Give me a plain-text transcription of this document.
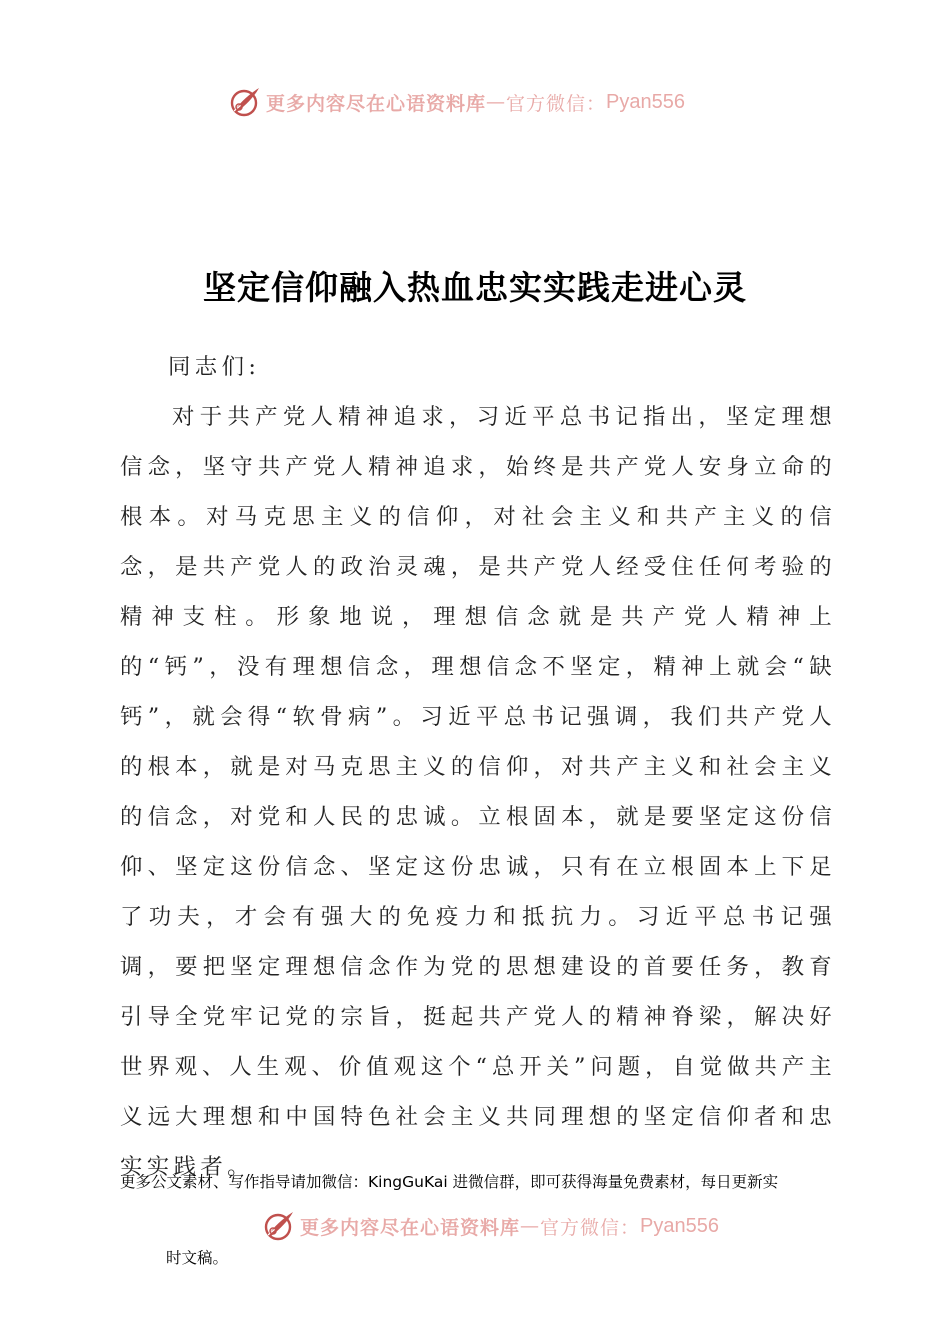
更多内容尽在心语资料库 — 官方微信： Pyan556
坚定信仰融入热血忠实实践走进心灵

同志们:

对于共产党人精神追求，习近平总书记指出，坚定理想信念，坚守共产党人精神追求，始终是共产党人安身立命的根本。对马克思主义的信仰，对社会主义和共产主义的信念，是共产党人的政治灵魂，是共产党人经受住任何考验的精神支柱。形象地说，理想信念就是共产党人精神上的“钙”，没有理想信念，理想信念不坚定，精神上就会“缺钙”，就会得“软骨病”。习近平总书记强调，我们共产党人的根本，就是对马克思主义的信仰，对共产主义和社会主义的信念，对党和人民的忠诚。立根固本，就是要坚定这份信仰、坚定这份信念、坚定这份忠诚，只有在立根固本上下足了功夫，才会有强大的免疫力和抵抗力。习近平总书记强调，要把坚定理想信念作为党的思想建设的首要任务，教育引导全党牢记党的宗旨，挺起共产党人的精神脊梁，解决好世界观、人生观、价值观这个“总开关”问题，自觉做共产主义远大理想和中国特色社会主义共同理想的坚定信仰者和忠实实践者。

更多公文素材、写作指导请加微信：KingGuKai 进微信群，即可获得海量免费素材，每日更新实
更多内容尽在心语资料库 — 官方微信： Pyan556
时文稿。
